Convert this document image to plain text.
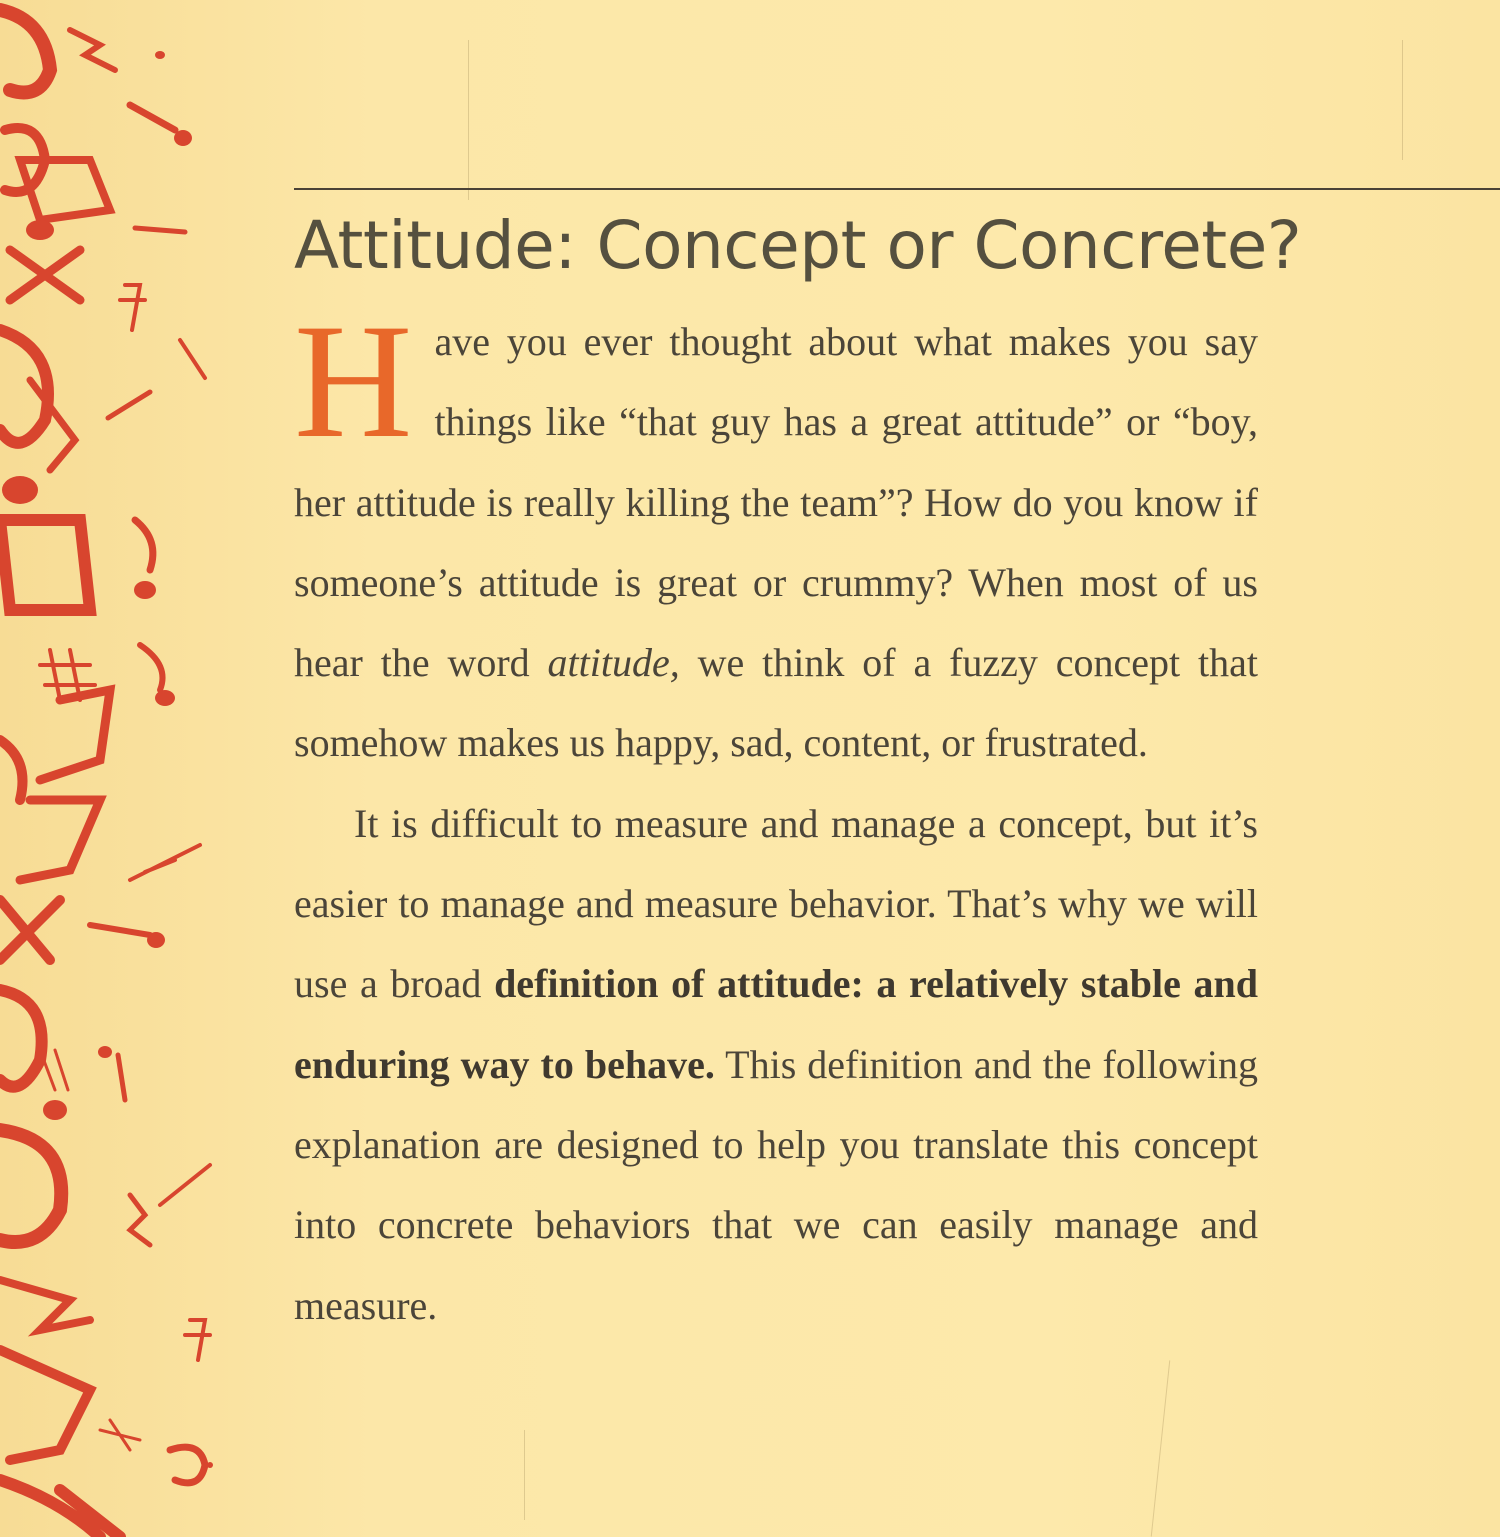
Attitude: Concept or Concrete?

Have you ever thought about what makes you say things like “that guy has a great attitude” or “boy, her attitude is really killing the team”? How do you know if someone’s attitude is great or crummy? When most of us hear the word attitude, we think of a fuzzy concept that somehow makes us happy, sad, content, or frustrated.

It is difficult to measure and manage a concept, but it’s easier to manage and measure behavior. That’s why we will use a broad definition of attitude: a relatively stable and enduring way to behave. This definition and the following explanation are designed to help you translate this concept into concrete behaviors that we can easily manage and measure.
